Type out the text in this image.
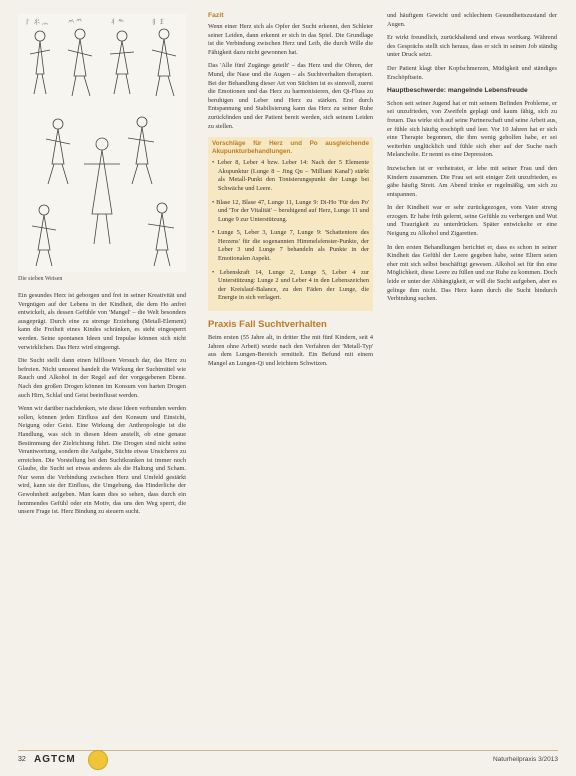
⺡ ⺢ ⺣	⺤ ⺥	⺦ ⺧	⺨ ⺩
Die sieben Weisen

Ein gesundes Herz ist geborgen und frei in seiner Kreativität und Vergnügen auf der Lebens in der Kindheit, die dem Ho anfrei entwickelt, als dessen Gefühle von 'Mangel' – die Welt besonders ausgeprägt. Durch eine zu strenge Erziehung (Metall-Element) kann die Freiheit eines Kindes schränken, es steht eingesperrt werden. Seine spontanen Ideen und Impulse können sich nicht verwirklichen. Das Herz wird eingeengt.

Die Sucht stellt dann einen hilflosen Versuch dar, das Herz zu befreien. Nicht umsonst handelt die Wirkung der Suchtmittel wie Rauch und Alkohol in der Regel auf der vorgegebenen Ebene. Nach den großen Drogen können im Konsum von harten Drogen auch Hirn, Schlaf und Geist beeinflusst werden.

Wenn wir darüber nachdenken, wie diese Ideen verbunden werden sollen, können jeden Einfluss auf den Konsum und Einsicht, Neigung oder Geist. Eine Wirkung der Anthropologie ist die Handlung, was sich in diesen Ideen anstellt, ob eine genaue Bestimmung der Zielrichtung führt. Die Drogen sind nicht seine Verantwortung, sondern die Aufgabe, Süchte etwas Unsicheres zu erreichen. Die Vorstellung bei den Suchtkranken ist immer noch Glaube, die Sucht sei etwas anderes als die Haltung und Scham. Nur wenn die Verbindung zwischen Herz und Umfeld gestärkt wird, kann sie der Einfluss, die Umgebung, das Hinderliche der Gewohnheit aufgeben. Man kann dies so sehen, dass durch ein hemmendes Gefühl oder ein Motiv, das uns den Weg sperrt, die unsere Frage ist. Herz Bindung zu steuern sucht.

Fazit

Wenn einer Herz sich als Opfer der Sucht erkennt, den Schleier seiner Leiden, dann erkennt er sich in das Spiel. Die Grundlage ist die Verbindung zwischen Herz und Leib, die durch Wille die Fähigkeit dazu nicht gewonnen hat.

Das 'Alle fünf Zugänge geteilt' – das Herz und die Ohren, der Mund, die Nase und die Augen – als Suchtverhalten therapiert. Bei der Behandlung dieser Art von Süchten ist es sinnvoll, zuerst die Emotionen und das Herz zu harmonisieren, den Qi-Fluss zu beruhigen und Leber und Herz zu stärken. Erst durch Entspannung und Stabilisierung kann das Herz zu seiner Ruhe zurückfinden und der Patient bereit werden, sich seinem Leiden zu stellen.

Vorschläge für Herz und Po ausgleichende Akupunkturbehandlungen.

• Leber 8, Leber 4 bzw. Leber 14: Nach der 5 Elemente Akupunktur (Lunge 8 – Jing Qu – 'Milliant Kanal') stärkt als Metall-Punkt den Tonisierungspunkt der Lunge bei Schwäche und Leere.

• Blase 12, Blase 47, Lunge 11, Lunge 9: Di-Ho 'Für den Po' und 'Tor der Vitalität' – beruhigend auf Herz, Lunge 11 und Lunge 9 zur Unterstützung.

• Lunge 5, Leber 3, Lunge 7, Lunge 9: 'Schattentore des Herzens' für die sogenannten Himmelsfenster-Punkte, der Leber 3 und Lunge 7 behandeln als Punkte in der Emotionalen Aspekt.

• Lebenskraft 14, Lunge 2, Lunge 5, Leber 4 zur Unterstützung: Lunge 2 und Leber 4 in den Lebenszeichen der Kreislauf-Balance, zu den Fäden der Lunge, die Energie in sich verlagert.

Praxis Fall Suchtverhalten

Beim ersten (55 Jahre alt, in dritter Ehe mit fünf Kindern, seit 4 Jahren ohne Arbeit) wurde nach den Verfahren der 'Metall-Typ' aus dem Lungen-Bereich ermittelt. Ein Befund mit einem Mangel an Lungen-Qi und leichtem Schwitzen.

und häufigem Gewicht und schlechtem Gesundheitszustand der Augen.

Er wirkt freundlich, zurückhaltend und etwas wortkarg. Während des Gesprächs stellt sich heraus, dass er sich in seinen Job ständig unter Druck setzt.

Der Patient klagt über Kopfschmerzen, Müdigkeit und ständiges Erschöpftsein.

Hauptbeschwerde: mangelnde Lebensfreude

Schon seit seiner Jugend hat er mit seinem Befinden Probleme, er sei unzufrieden, von Zweifeln geplagt und kaum fähig, sich zu freuen. Das wirke sich auf seine Partnerschaft und seine Arbeit aus, er fühle sich häufig erschöpft und leer. Vor 10 Jahren hat er sich eine Therapie begonnen, die ihm wenig geholfen habe, er sei weiterhin unglücklich und fühle sich eher auf der Suche nach Melancholie. Er nennt es eine Depression.

Inzwischen ist er verheiratet, er lebe mit seiner Frau und den Kindern zusammen. Die Frau sei seit einiger Zeit unzufrieden, es gäbe häufig Streit. Am Abend trinke er regelmäßig, um sich zu entspannen.

In der Kindheit war er sehr zurückgezogen, vom Vater streng erzogen. Er habe früh gelernt, seine Gefühle zu verbergen und Wut und Traurigkeit zu unterdrücken. Später entwickelte er eine Neigung zu Alkohol und Zigaretten.

In den ersten Behandlungen berichtet er, dass es schon in seiner Kindheit das Gefühl der Leere gegeben habe, seine Eltern seien eher mit sich selbst beschäftigt gewesen. Alkohol sei für ihn eine Möglichkeit, diese Leere zu füllen und zur Ruhe zu kommen. Doch leide er unter der Abhängigkeit, er will die Sucht aufgeben, aber es gelinge ihm nicht. Das Herz kann durch die Sucht hindurch Verbindung suchen.

32 AGTCM	Naturheilpraxis 3/2013
